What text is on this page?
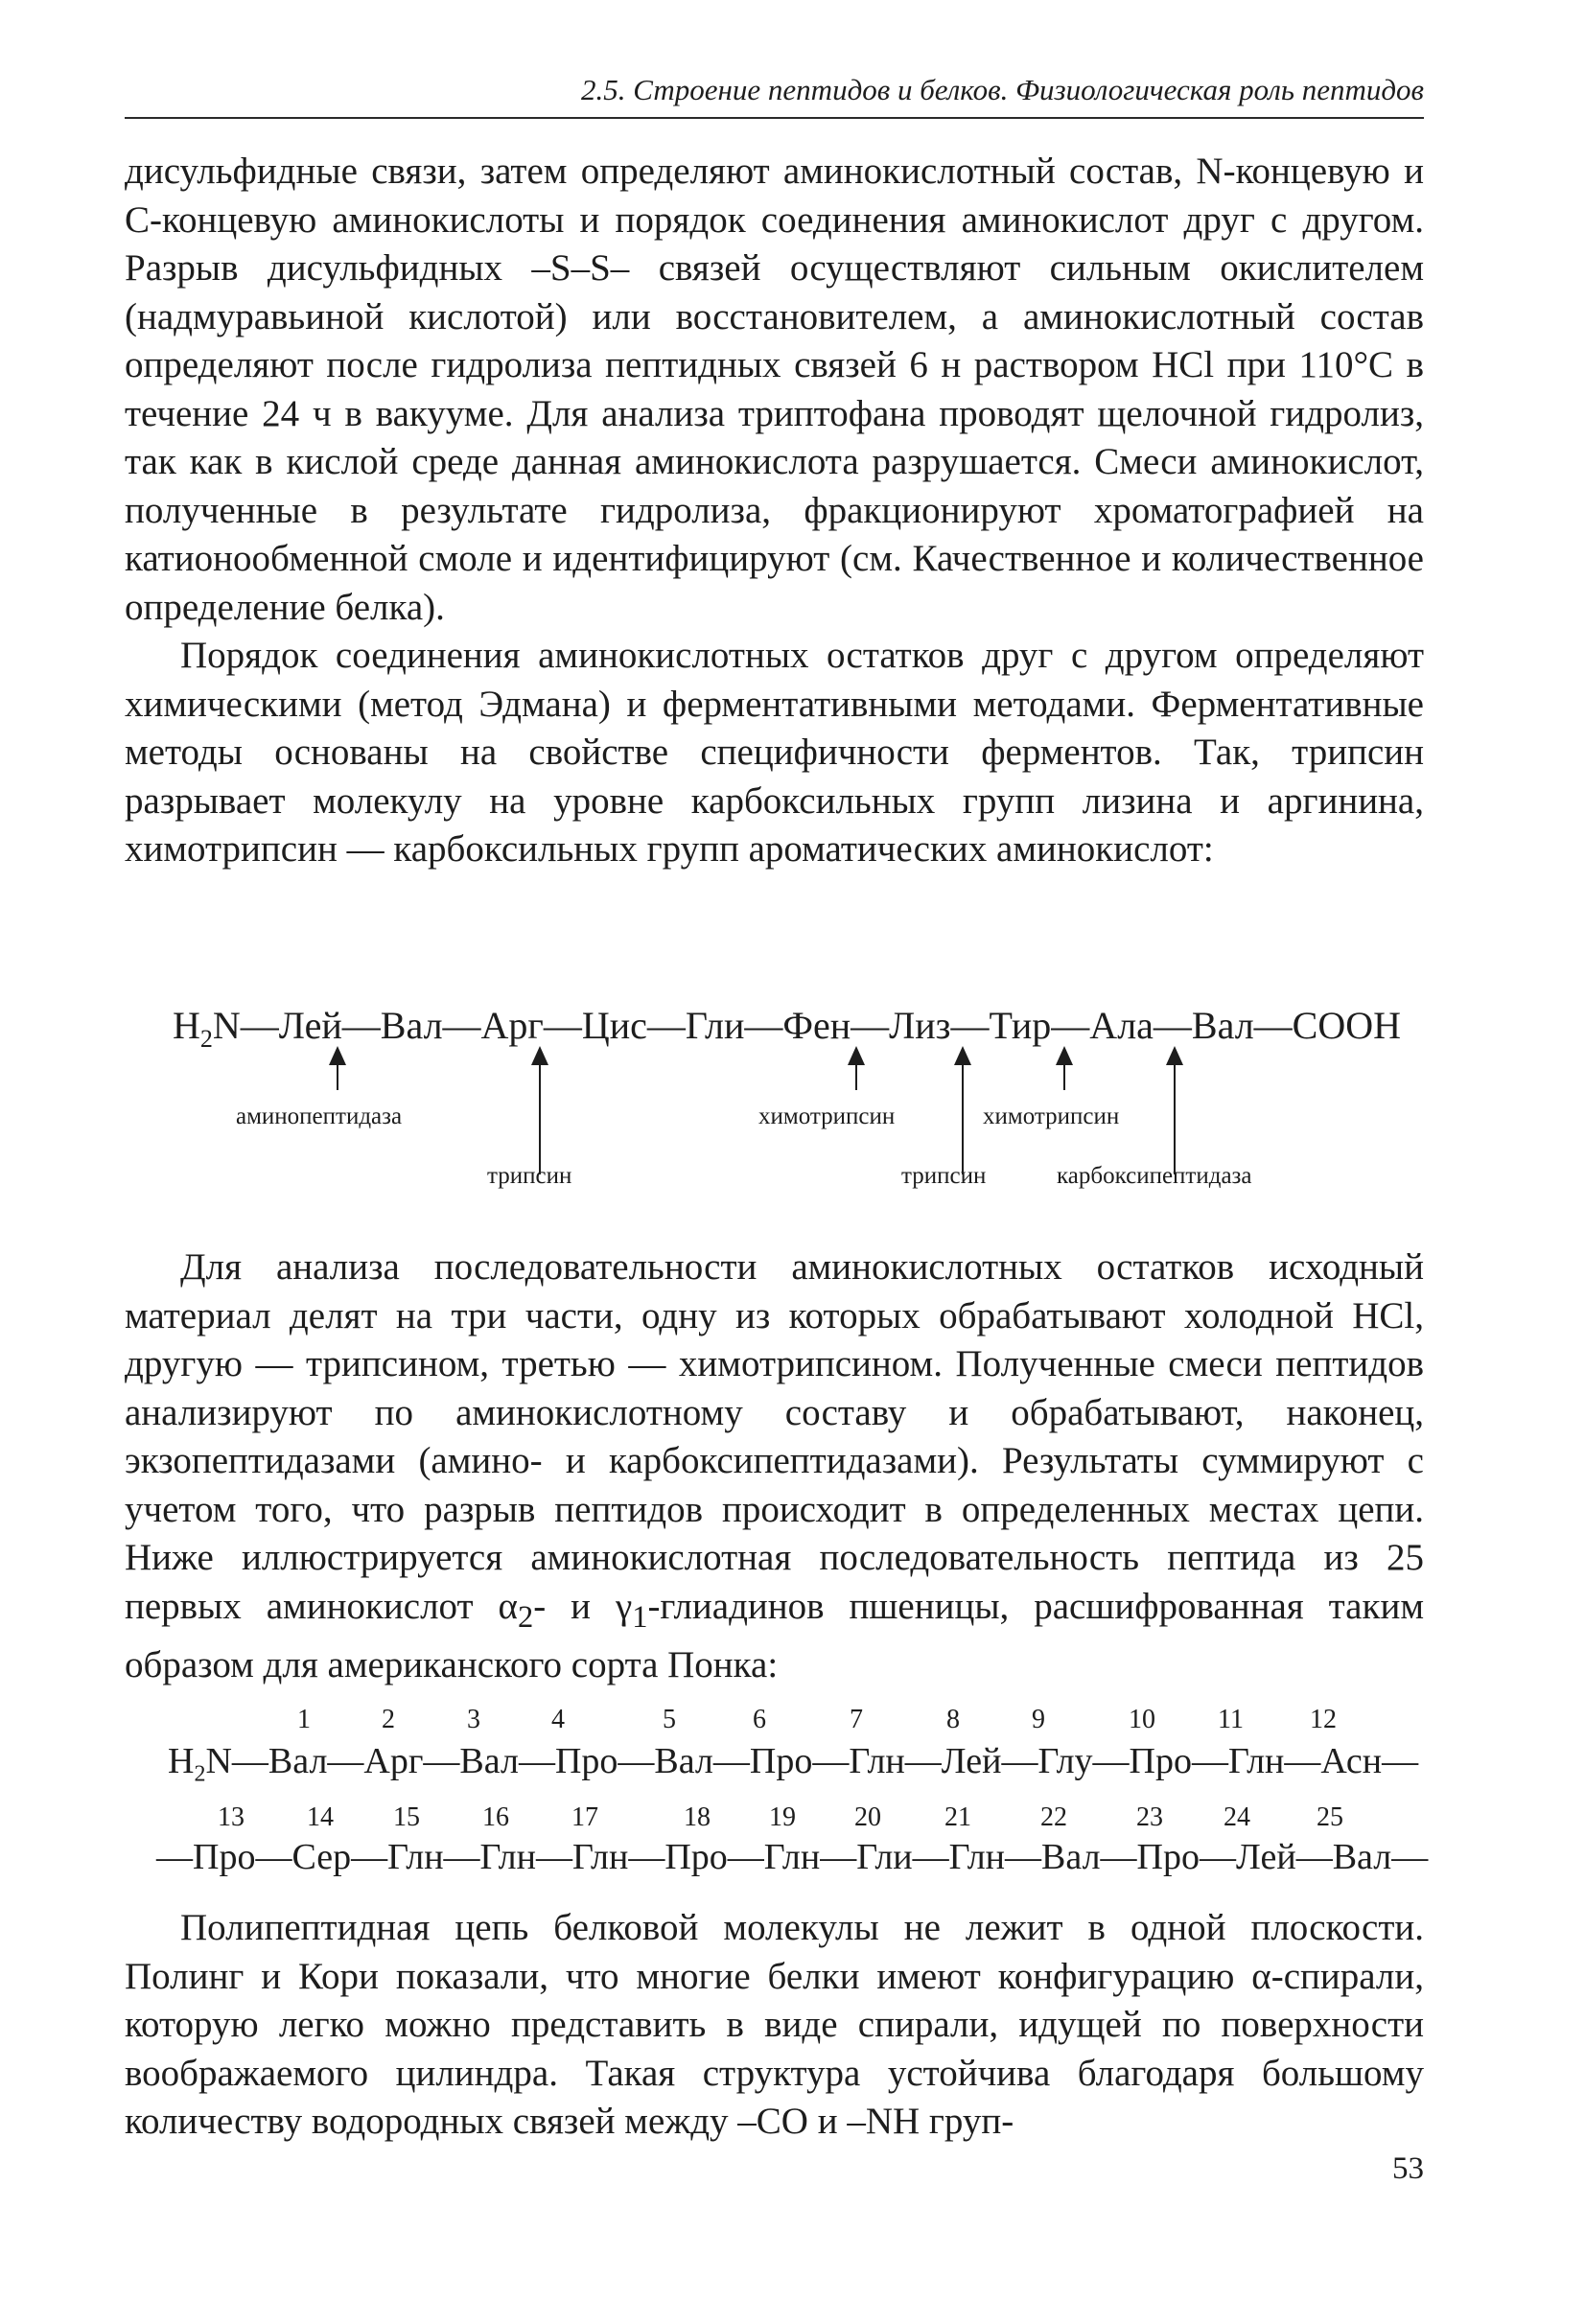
2.5. Строение пептидов и белков. Физиологическая роль пептидов

дисульфидные связи, затем определяют аминокислотный состав, N-концевую и С-концевую аминокислоты и порядок соединения аминокислот друг с другом. Разрыв дисульфидных –S–S– связей осуществляют сильным окислителем (надмуравьиной кислотой) или восстановителем, а аминокислотный состав определяют после гидролиза пептидных связей 6 н раствором HCl при 110°С в течение 24 ч в вакууме. Для анализа триптофана проводят щелочной гидролиз, так как в кислой среде данная аминокислота разрушается. Смеси аминокислот, полученные в результате гидролиза, фракционируют хроматографией на катионообменной смоле и идентифицируют (см. Качественное и количественное определение белка).

Порядок соединения аминокислотных остатков друг с другом определяют химическими (метод Эдмана) и ферментативными методами. Ферментативные методы основаны на свойстве специфичности ферментов. Так, трипсин разрывает молекулу на уровне карбоксильных групп лизина и аргинина, химотрипсин — карбоксильных групп ароматических аминокислот:

$H_2N—Лей—Вал—Арг—Цис—Гли—Фен—Лиз—Тир—Ала—Вал—COOH$
аминопептидаза
трипсин
химотрипсин
трипсин
химотрипсин
карбоксипептидаза

Для анализа последовательности аминокислотных остатков исходный материал делят на три части, одну из которых обрабатывают холодной HCl, другую — трипсином, третью — химотрипсином. Полученные смеси пептидов анализируют по аминокислотному составу и обрабатывают, наконец, экзопептидазами (амино- и карбоксипептидазами). Результаты суммируют с учетом того, что разрыв пептидов происходит в определенных местах цепи. Ниже иллюстрируется аминокислотная последовательность пептида из 25 первых аминокислот $\alpha_2-$ и $\gamma_1$-глиадинов пшеницы, расшифрованная таким образом для американского сорта Понка:

1	2	3	4	5	6	7	8	9	10 11 12
$H_2N—Вал—Арг—Вал—Про—Вал—Про—Глн—Лей—Глу—Про—Глн—Асн—$
13 14 15 16 17	18 19 20 21	22	23 24 25
—Про—Сер—Глн—Глн—Глн—Про—Глн—Гли—Глн—Вал—Про—Лей—Вал—

Полипептидная цепь белковой молекулы не лежит в одной плоскости. Полинг и Кори показали, что многие белки имеют конфигурацию α-спирали, которую легко можно представить в виде спирали, идущей по поверхности воображаемого цилиндра. Такая структура устойчива благодаря большому количеству водородных связей между –CO и –NH груп-

53
